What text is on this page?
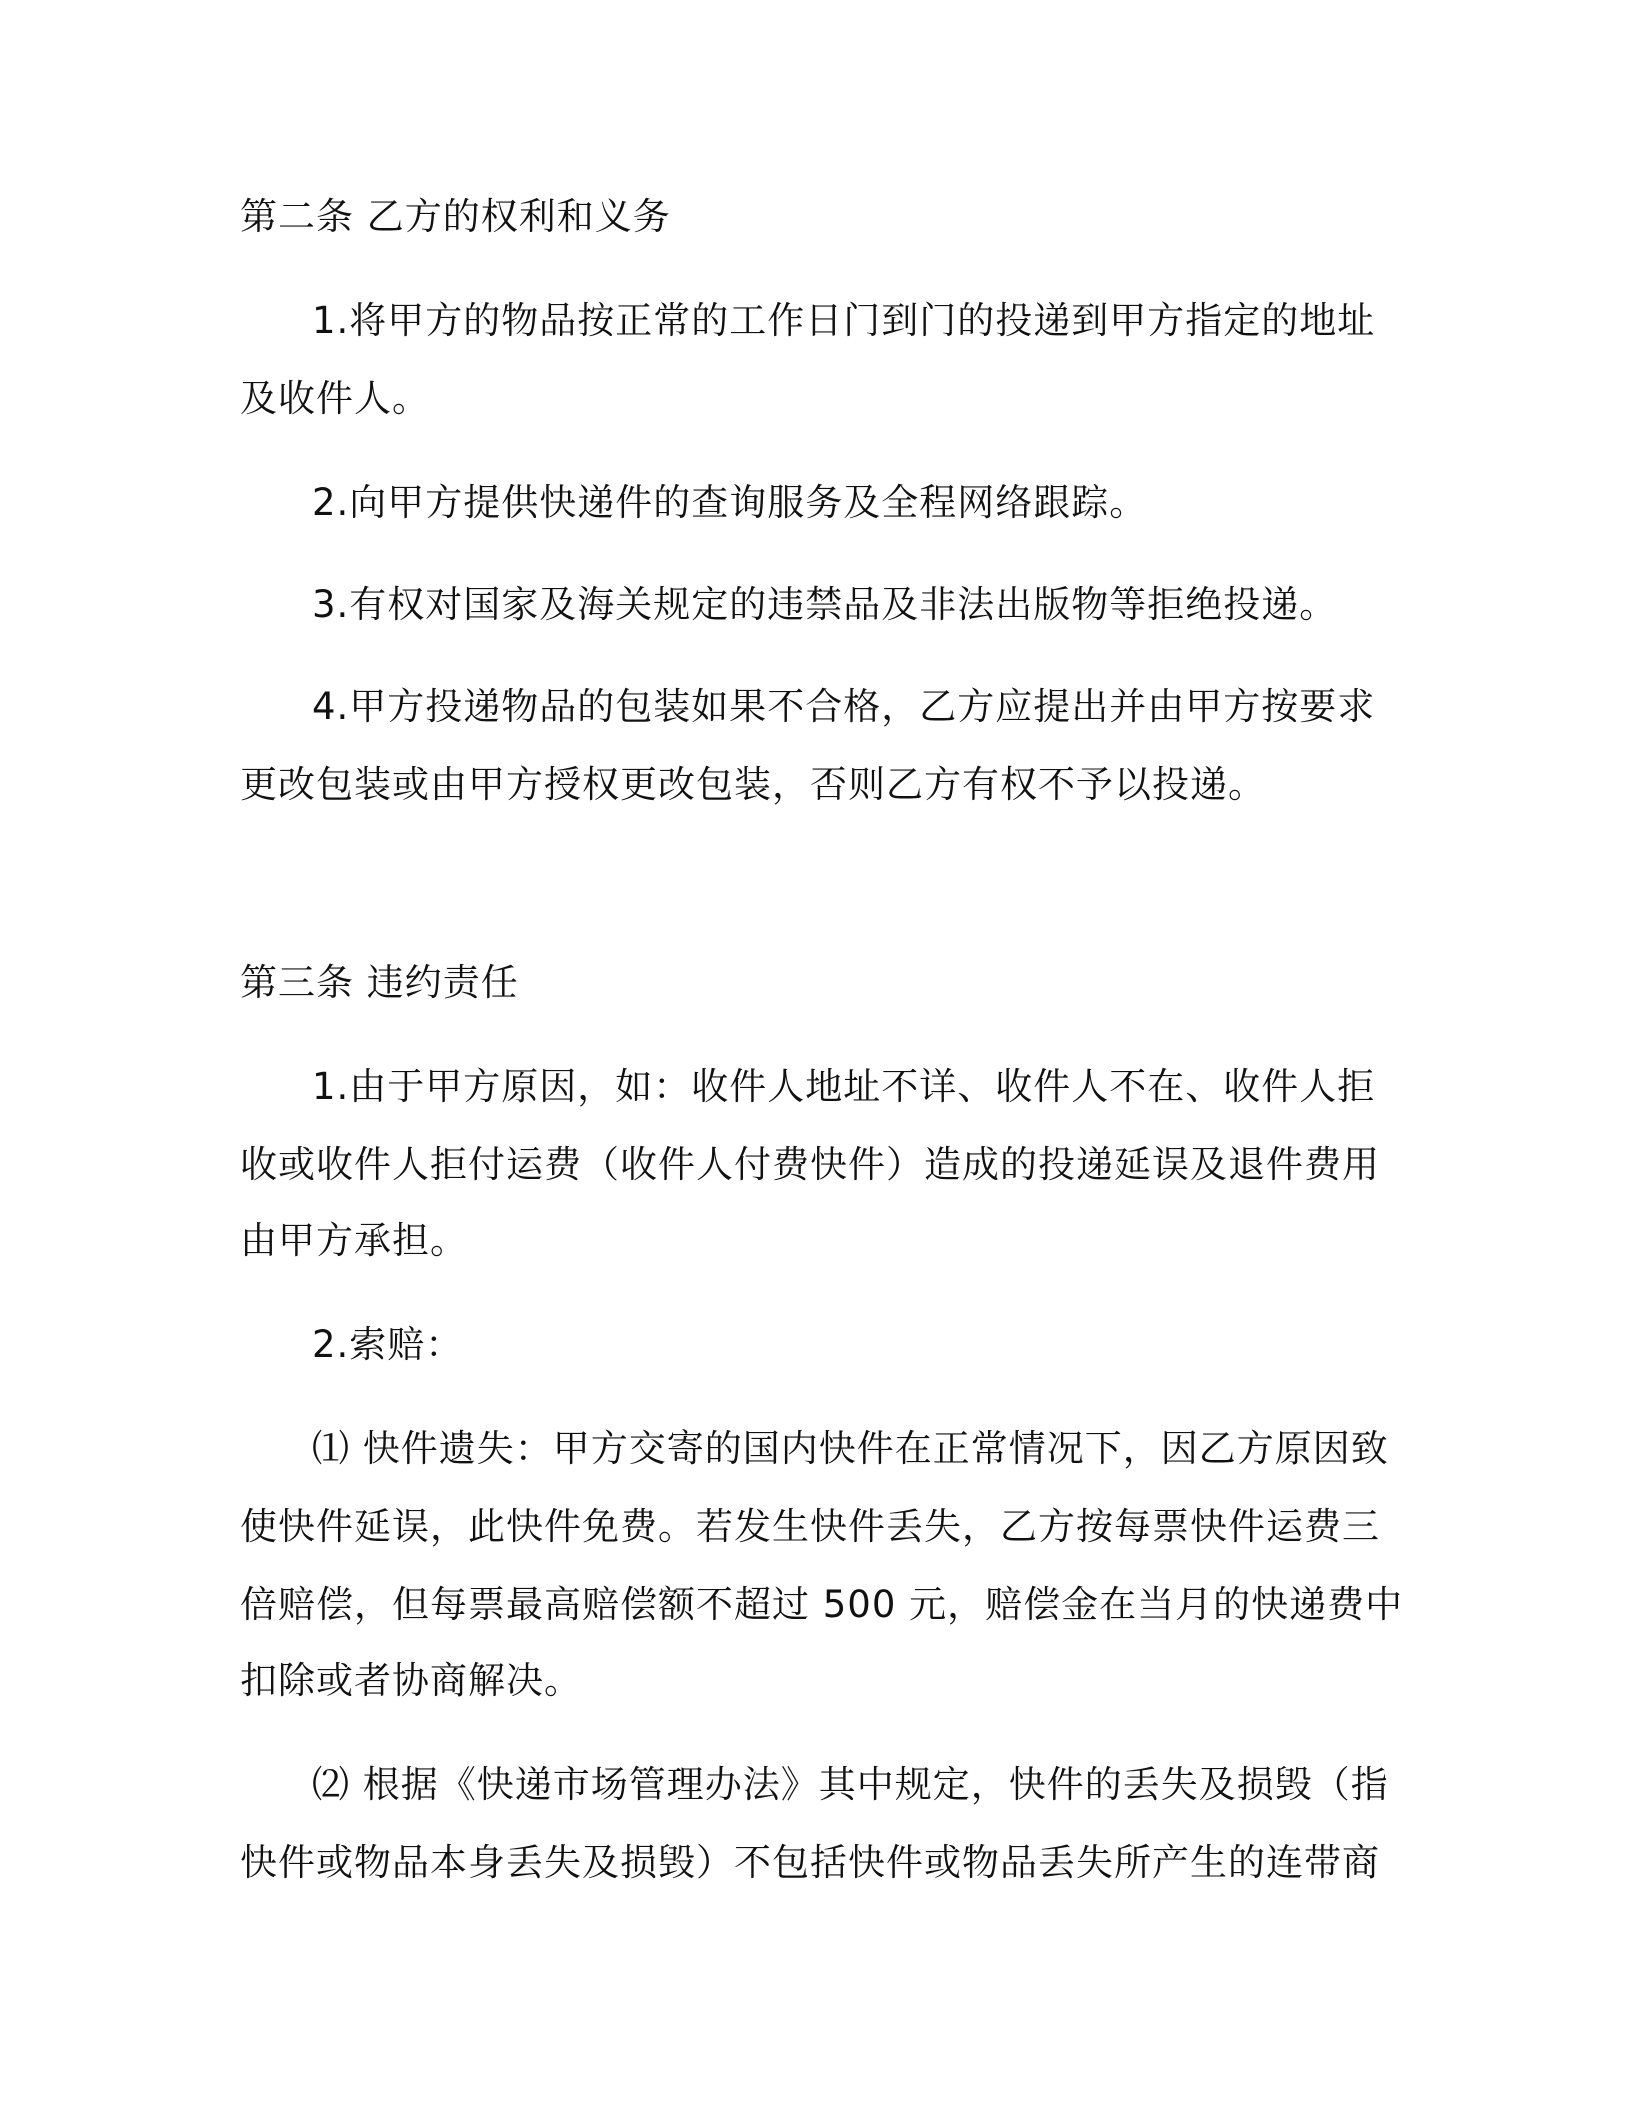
第二条 乙方的权利和义务
1.将甲方的物品按正常的工作日门到门的投递到甲方指定的地址
及收件人。
2.向甲方提供快递件的查询服务及全程网络跟踪。
3.有权对国家及海关规定的违禁品及非法出版物等拒绝投递。
4.甲方投递物品的包装如果不合格，乙方应提出并由甲方按要求
更改包装或由甲方授权更改包装，否则乙方有权不予以投递。
第三条 违约责任
1.由于甲方原因，如：收件人地址不详、收件人不在、收件人拒
收或收件人拒付运费（收件人付费快件）造成的投递延误及退件费用
由甲方承担。
2.索赔：
⑴ 快件遗失：甲方交寄的国内快件在正常情况下，因乙方原因致
使快件延误，此快件免费。若发生快件丢失，乙方按每票快件运费三
倍赔偿，但每票最高赔偿额不超过 500 元，赔偿金在当月的快递费中
扣除或者协商解决。
⑵ 根据《快递市场管理办法》其中规定，快件的丢失及损毁（指
快件或物品本身丢失及损毁）不包括快件或物品丢失所产生的连带商
